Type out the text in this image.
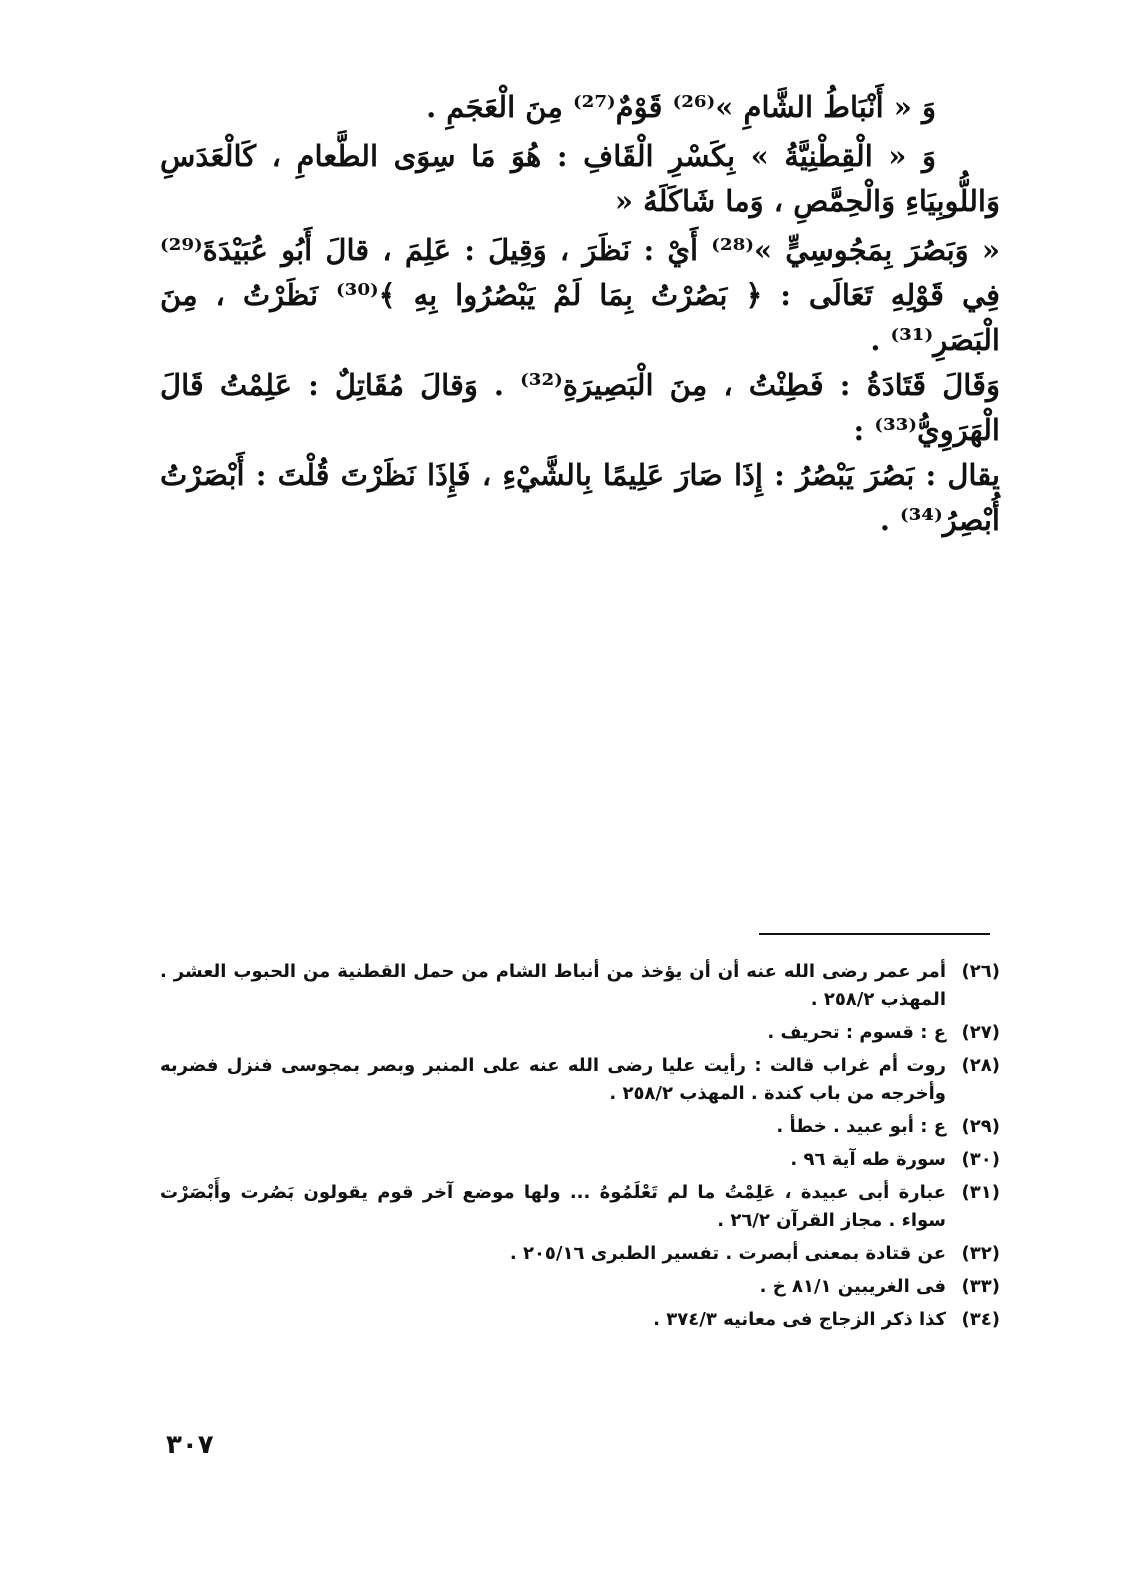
وَ « أَنْبَاطُ الشَّامِ »⁽²⁶⁾ قَوْمٌ⁽²⁷⁾ مِنَ الْعَجَمِ .

وَ « الْقِطْنِيَّةُ » بِكَسْرِ الْقَافِ : هُوَ مَا سِوَى الطَّعامِ ، كَالْعَدَسِ وَاللُّوبِيَاءِ وَالْحِمَّصِ ، وَما شَاكَلَهُ «

« وَبَصُرَ بِمَجُوسِيٍّ »⁽²⁸⁾ أَيْ : نَظَرَ ، وَقِيلَ : عَلِمَ ، قالَ أَبُو عُبَيْدَةَ⁽²⁹⁾ فِي قَوْلِهِ تَعَالَى : ﴿ بَصُرْتُ بِمَا لَمْ يَبْصُرُوا بِهِ ﴾⁽³⁰⁾ نَظَرْتُ ، مِنَ الْبَصَرِ⁽³¹⁾ .

وَقَالَ قَتَادَةُ : فَطِنْتُ ، مِنَ الْبَصِيرَةِ⁽³²⁾ . وَقالَ مُقَاتِلٌ : عَلِمْتُ قَالَ الْهَرَوِيُّ⁽³³⁾ :

يقال : بَصُرَ يَبْصُرُ : إِذَا صَارَ عَلِيمًا بِالشَّيْءِ ، فَإِذَا نَظَرْتَ قُلْتَ : أَبْصَرْتُ أُبْصِرُ⁽³⁴⁾ .

(٢٦)
أمر عمر رضى الله عنه أن أن يؤخذ من أنباط الشام من حمل القطنية من الحبوب العشر . المهذب ٢٥٨/٢ .
(٢٧)
ع : قسوم : تحريف .
(٢٨)
روت أم غراب قالت : رأيت عليا رضى الله عنه على المنبر وبصر بمجوسى فنزل فضربه وأخرجه من باب كندة . المهذب ٢٥٨/٢ .
(٢٩)
ع : أبو عبيد . خطأ .
(٣٠)
سورة طه آية ٩٦ .
(٣١)
عبارة أبى عبيدة ، عَلِمْتُ ما لم تَعْلَمُوهُ ... ولها موضع آخر قوم يقولون بَصُرت وأَبْصَرْت سواء . مجاز القرآن ٢٦/٢ .
(٣٢)
عن قتادة بمعنى أبصرت . تفسير الطبرى ٢٠٥/١٦ .
(٣٣)
فى الغريبين ٨١/١ خ .
(٣٤)
كذا ذكر الزجاج فى معانيه ٣٧٤/٣ .
٣٠٧
